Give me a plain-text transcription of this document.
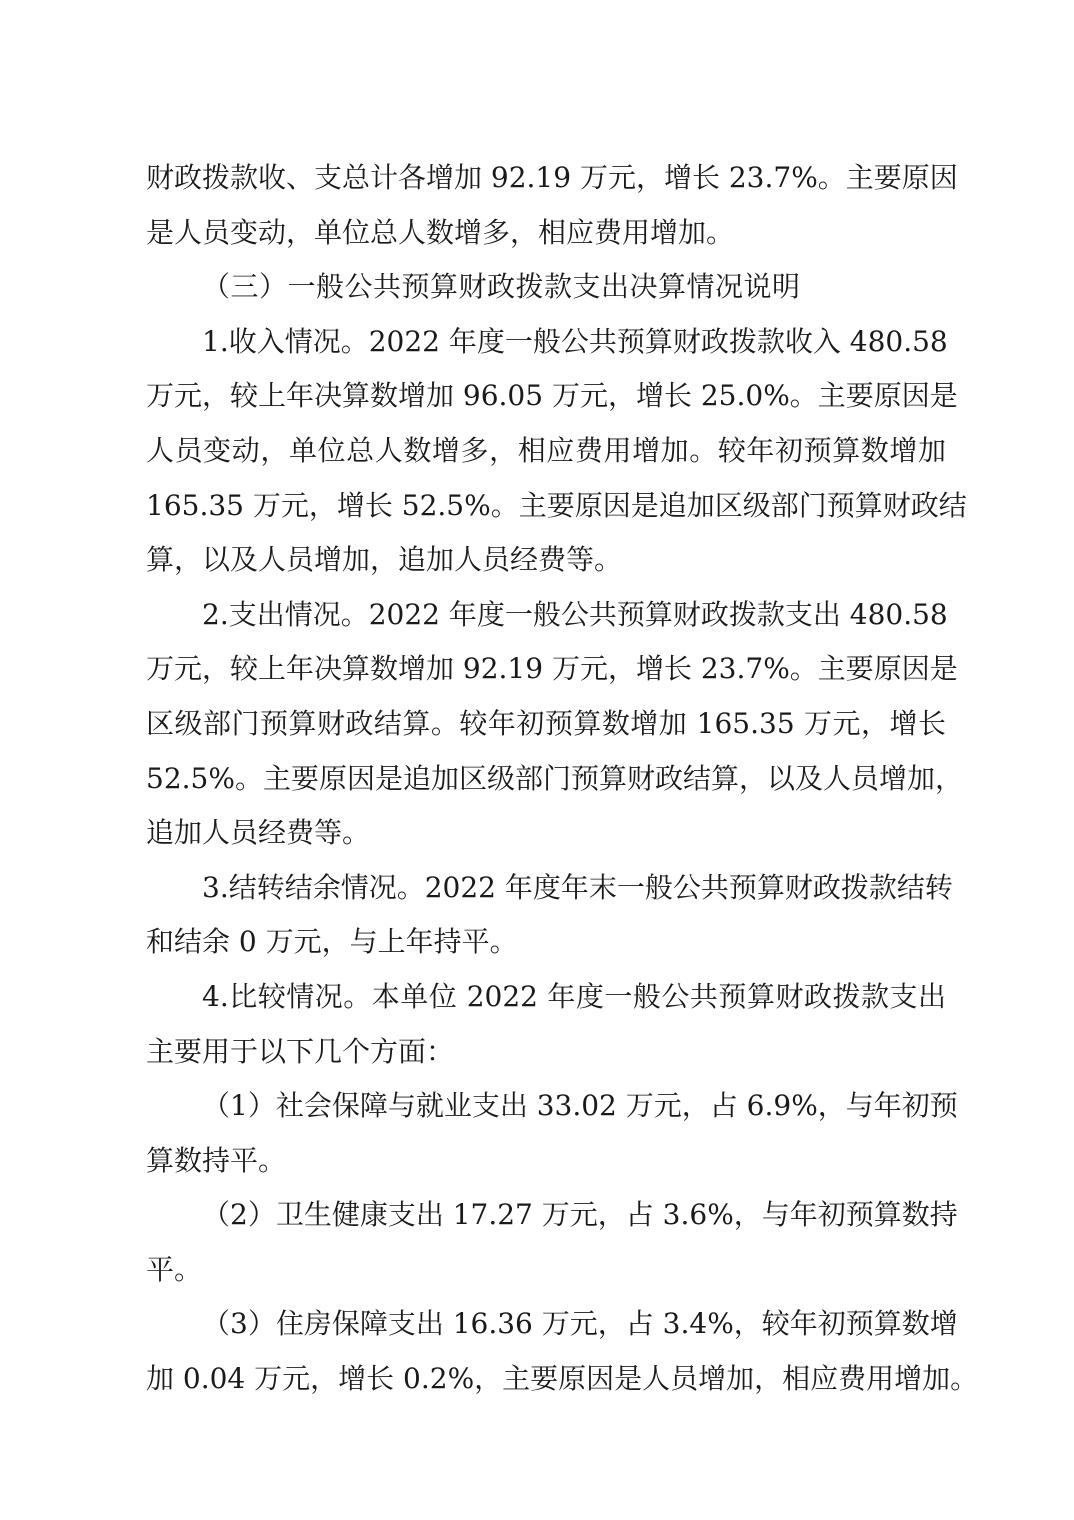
财政拨款收、支总计各增加 92.19 万元，增长 23.7%。主要原因
是人员变动，单位总人数增多，相应费用增加。
（三）一般公共预算财政拨款支出决算情况说明
1.收入情况。2022 年度一般公共预算财政拨款收入 480.58
万元，较上年决算数增加 96.05 万元，增长 25.0%。主要原因是
人员变动，单位总人数增多，相应费用增加。较年初预算数增加
165.35 万元，增长 52.5%。主要原因是追加区级部门预算财政结
算，以及人员增加，追加人员经费等。
2.支出情况。2022 年度一般公共预算财政拨款支出 480.58
万元，较上年决算数增加 92.19 万元，增长 23.7%。主要原因是
区级部门预算财政结算。较年初预算数增加 165.35 万元，增长
52.5%。主要原因是追加区级部门预算财政结算，以及人员增加，
追加人员经费等。
3.结转结余情况。2022 年度年末一般公共预算财政拨款结转
和结余 0 万元，与上年持平。
4.比较情况。本单位 2022 年度一般公共预算财政拨款支出
主要用于以下几个方面：
（1）社会保障与就业支出 33.02 万元，占 6.9%，与年初预
算数持平。
（2）卫生健康支出 17.27 万元，占 3.6%，与年初预算数持
平。
（3）住房保障支出 16.36 万元，占 3.4%，较年初预算数增
加 0.04 万元，增长 0.2%，主要原因是人员增加，相应费用增加。
